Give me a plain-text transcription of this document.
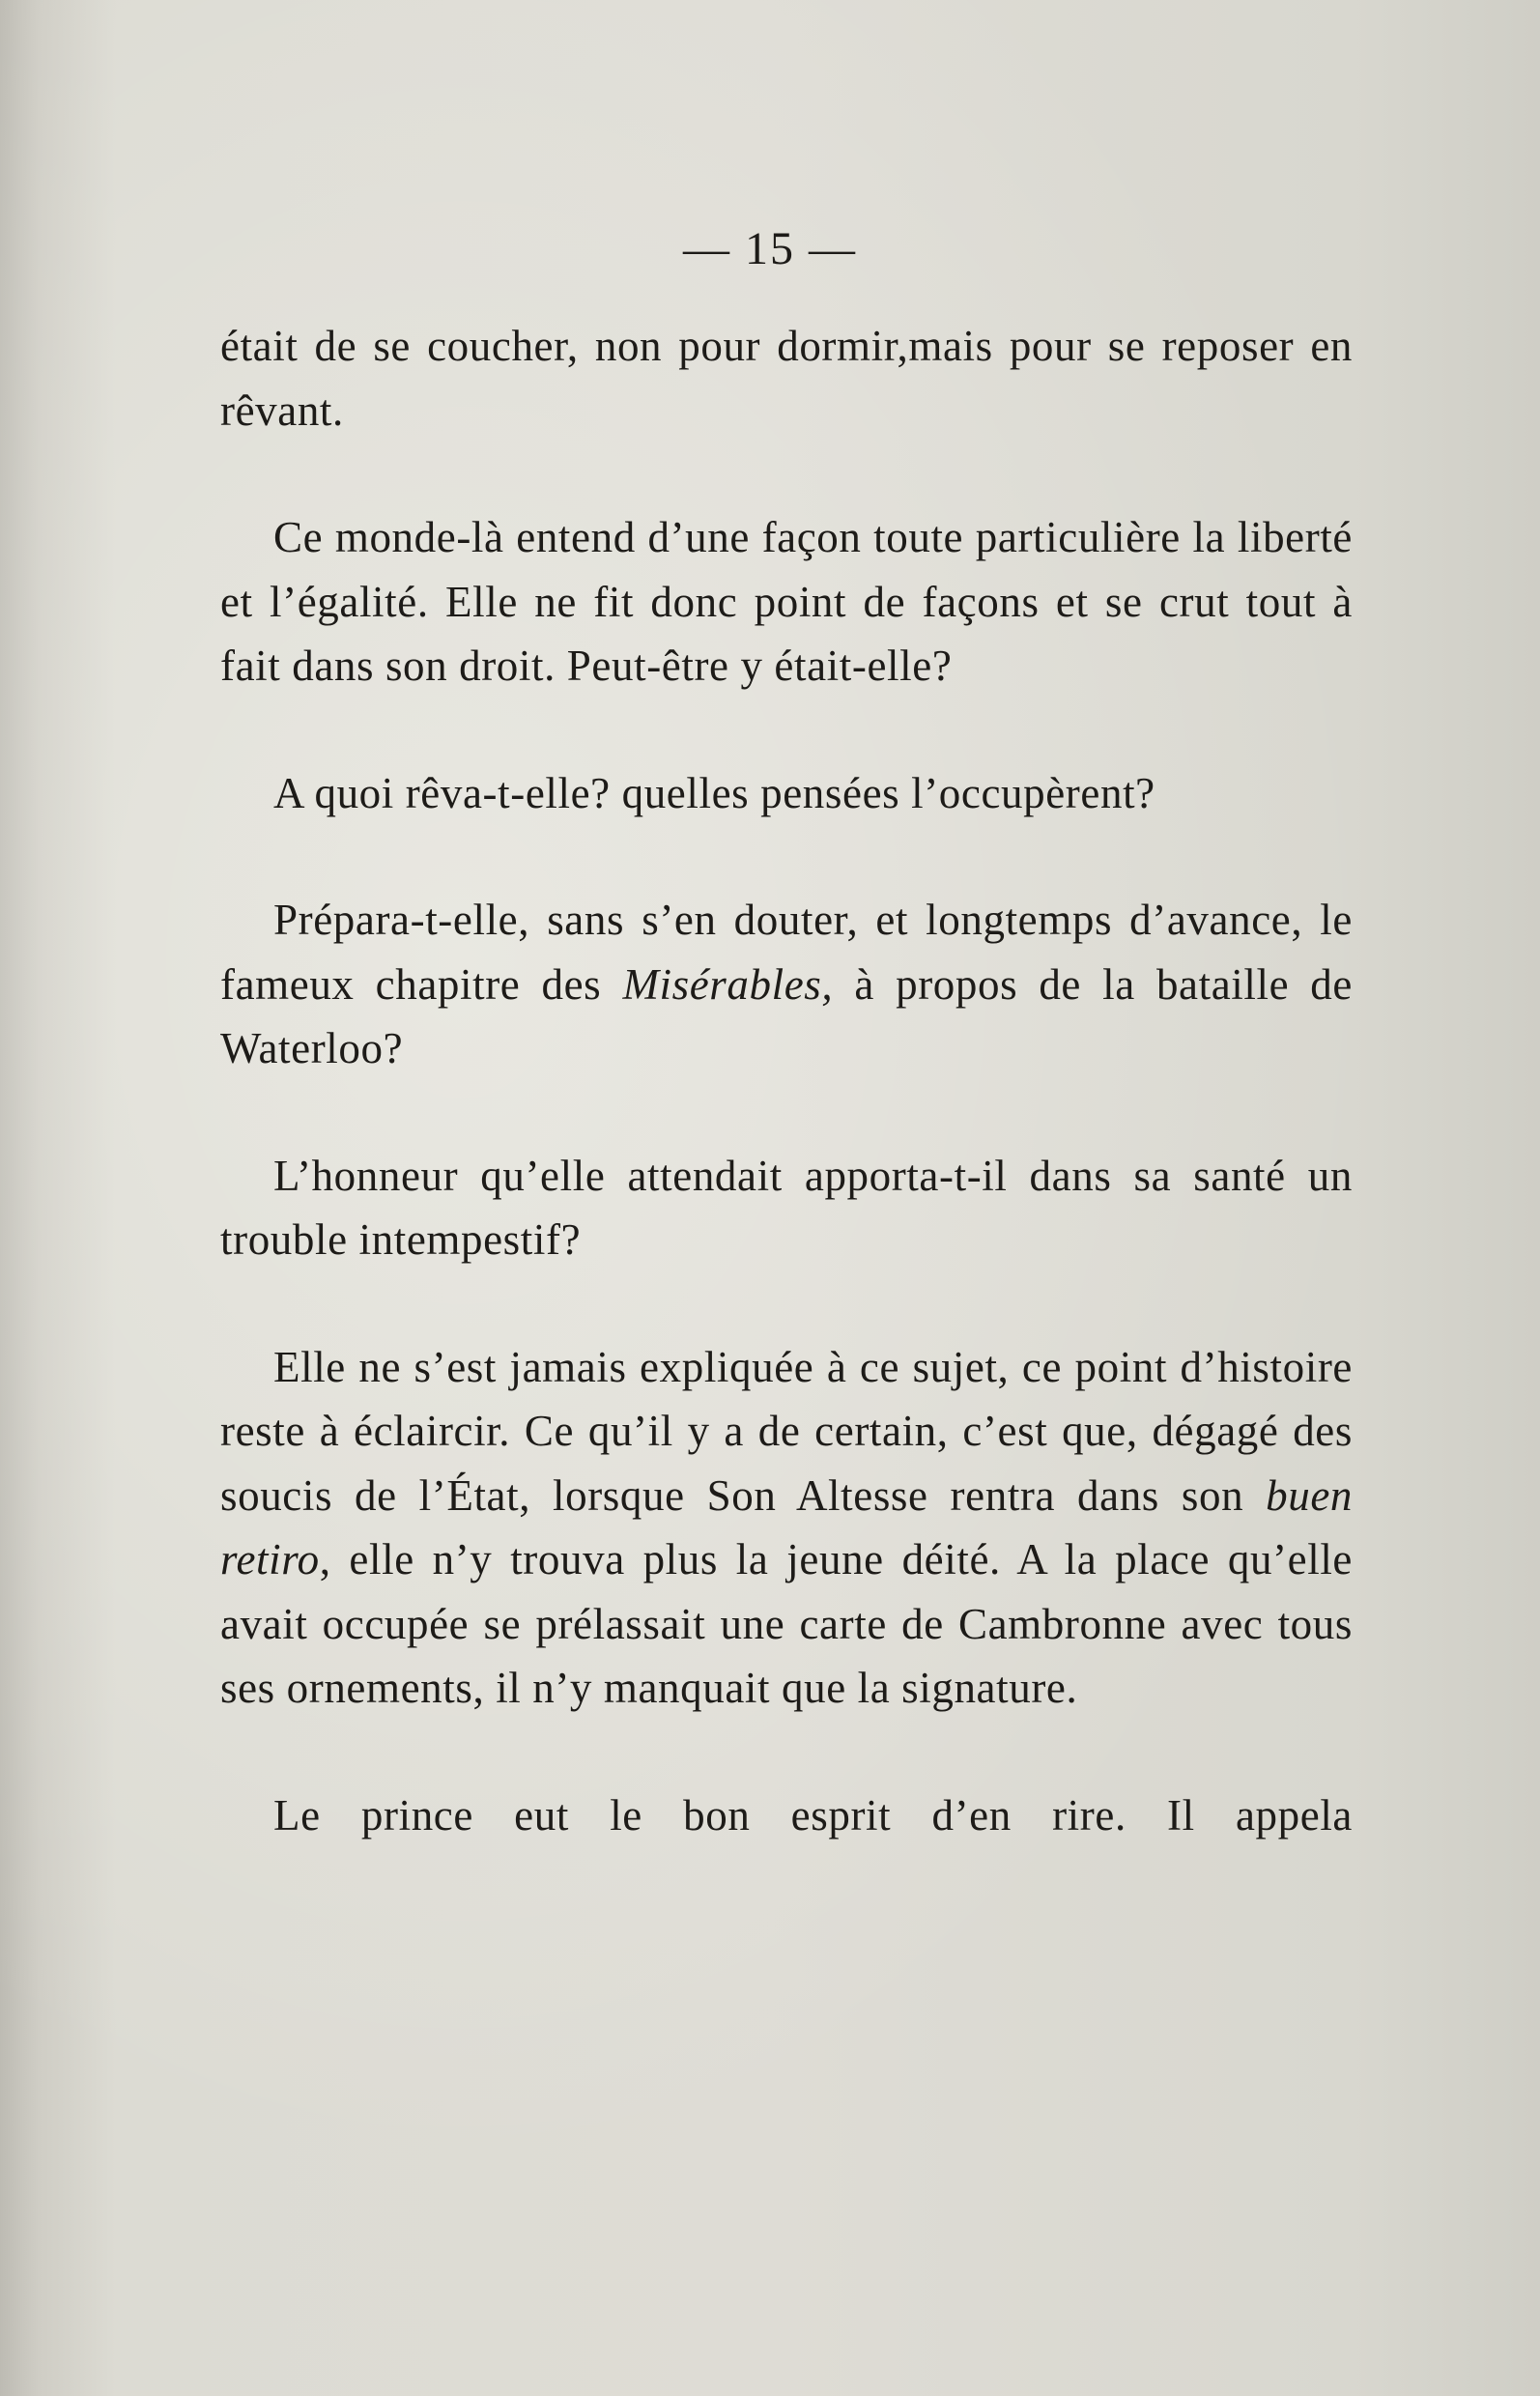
— 15 —

était de se coucher, non pour dormir,mais pour se reposer en rêvant.

Ce monde-là entend d’une façon toute particulière la liberté et l’égalité. Elle ne fit donc point de façons et se crut tout à fait dans son droit. Peut-être y était-elle?

A quoi rêva-t-elle? quelles pensées l’occupèrent?

Prépara-t-elle, sans s’en douter, et longtemps d’avance, le fameux chapitre des Misérables, à propos de la bataille de Waterloo?

L’honneur qu’elle attendait apporta-t-il dans sa santé un trouble intempestif?

Elle ne s’est jamais expliquée à ce sujet, ce point d’histoire reste à éclaircir. Ce qu’il y a de certain, c’est que, dégagé des soucis de l’État, lorsque Son Altesse rentra dans son buen retiro, elle n’y trouva plus la jeune déité. A la place qu’elle avait occupée se prélassait une carte de Cambronne avec tous ses ornements, il n’y manquait que la signature.

Le prince eut le bon esprit d’en rire. Il appela
